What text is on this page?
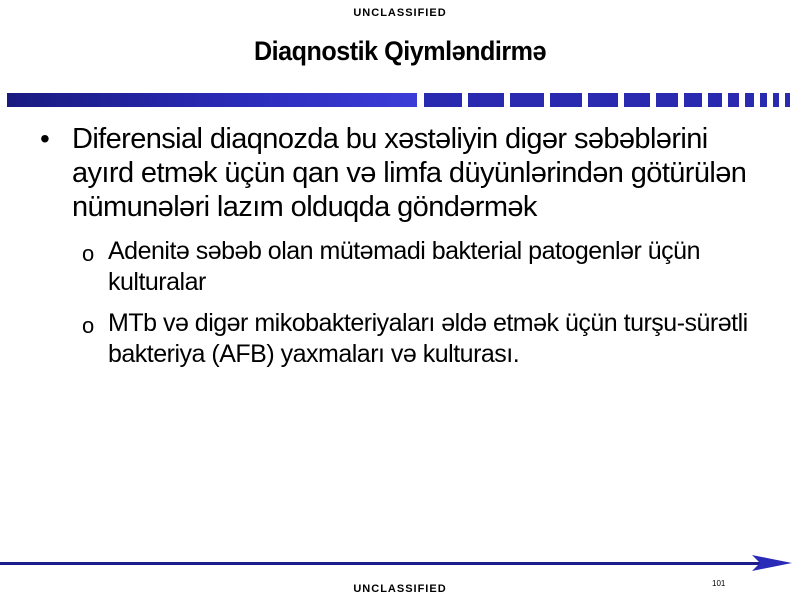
UNCLASSIFIED
Diaqnostik Qiymləndirmə
• Diferensial diaqnozda bu xəstəliyin digər səbəblərini ayırd etmək üçün qan və limfa düyünlərindən götürülən nümunələri lazım olduqda göndərmək
o Adenitə səbəb olan mütəmadi bakterial patogenlər üçün kulturalar
o MTb və digər mikobakteriyaları əldə etmək üçün turşu-sürətli bakteriya (AFB) yaxmaları və kulturası.
101
UNCLASSIFIED
